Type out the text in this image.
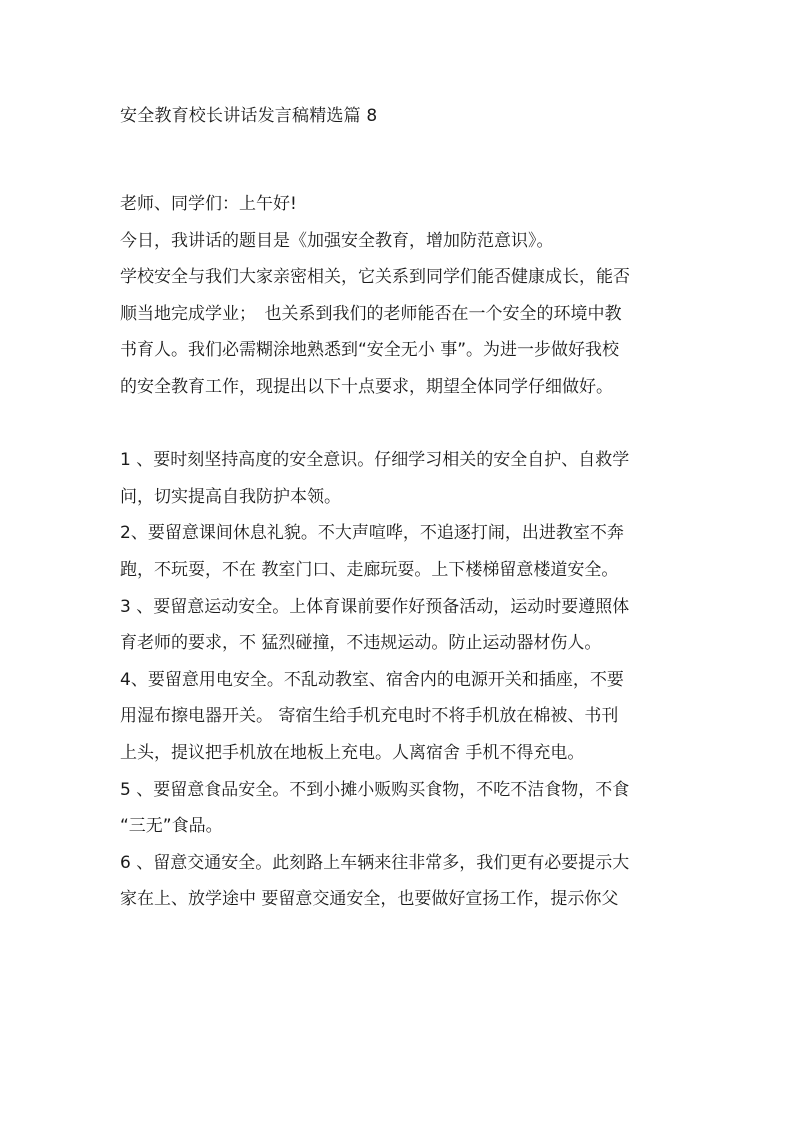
安全教育校长讲话发言稿精选篇 8
老师、同学们：上午好!
今日，我讲话的题目是《加强安全教育，增加防范意识》。
学校安全与我们大家亲密相关，它关系到同学们能否健康成长，能否
顺当地完成学业；　也关系到我们的老师能否在一个安全的环境中教
书育人。我们必需糊涂地熟悉到“安全无小 事”。为进一步做好我校
的安全教育工作，现提出以下十点要求，期望全体同学仔细做好。
1 、要时刻坚持高度的安全意识。仔细学习相关的安全自护、自救学
问，切实提高自我防护本领。
2、要留意课间休息礼貌。不大声喧哗，不追逐打闹，出进教室不奔
跑，不玩耍，不在 教室门口、走廊玩耍。上下楼梯留意楼道安全。
3 、要留意运动安全。上体育课前要作好预备活动，运动时要遵照体
育老师的要求，不 猛烈碰撞，不违规运动。防止运动器材伤人。
4、要留意用电安全。不乱动教室、宿舍内的电源开关和插座，不要
用湿布擦电器开关。 寄宿生给手机充电时不将手机放在棉被、书刊
上头，提议把手机放在地板上充电。人离宿舍 手机不得充电。
5 、要留意食品安全。不到小摊小贩购买食物，不吃不洁食物，不食
“三无”食品。
6 、留意交通安全。此刻路上车辆来往非常多，我们更有必要提示大
家在上、放学途中 要留意交通安全，也要做好宣扬工作，提示你父
